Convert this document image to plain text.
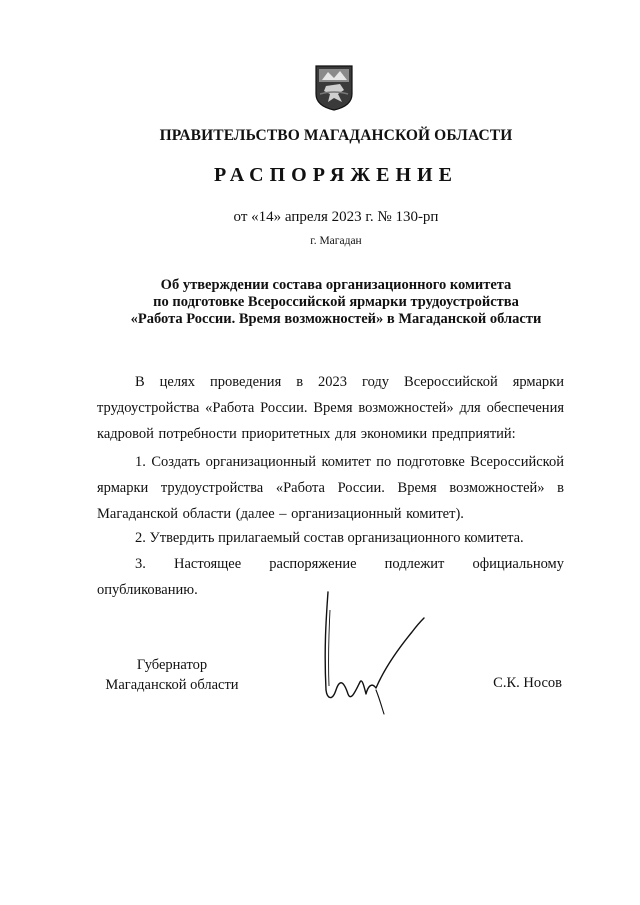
ПРАВИТЕЛЬСТВО МАГАДАНСКОЙ ОБЛАСТИ
РАСПОРЯЖЕНИЕ
от «14» апреля 2023 г. № 130-рп
г. Магадан
Об утверждении состава организационного комитета
по подготовке Всероссийской ярмарки трудоустройства
«Работа России. Время возможностей» в Магаданской области
В целях проведения в 2023 году Всероссийской ярмарки трудоустройства «Работа России. Время возможностей» для обеспечения кадровой потребности приоритетных для экономики предприятий:
1. Создать организационный комитет по подготовке Всероссийской ярмарки трудоустройства «Работа России. Время возможностей» в Магаданской области (далее – организационный комитет).
2. Утвердить прилагаемый состав организационного комитета.
3. Настоящее распоряжение подлежит официальному опубликованию.
Губернатор
Магаданской области	С.К. Носов
